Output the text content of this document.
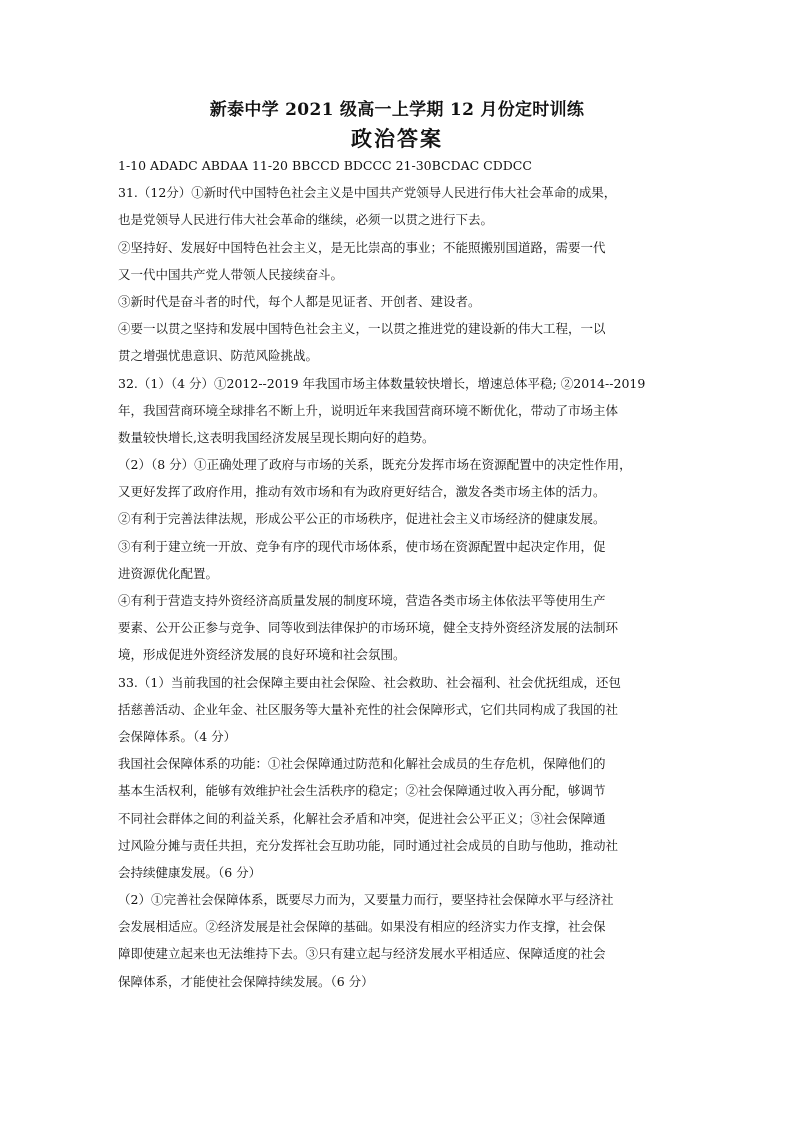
新泰中学 2021 级高一上学期 12 月份定时训练
政治答案
1-10 ADADC ABDAA 11-20 BBCCD BDCCC 21-30BCDAC CDDCC
31.（12分）①新时代中国特色社会主义是中国共产党领导人民进行伟大社会革命的成果，
也是党领导人民进行伟大社会革命的继续，必须一以贯之进行下去。
②坚持好、发展好中国特色社会主义，是无比崇高的事业；不能照搬别国道路，需要一代
又一代中国共产党人带领人民接续奋斗。
③新时代是奋斗者的时代，每个人都是见证者、开创者、建设者。
④要一以贯之坚持和发展中国特色社会主义，一以贯之推进党的建设新的伟大工程，一以
贯之增强忧患意识、防范风险挑战。
32.（1）（4 分）①2012--2019 年我国市场主体数量较快增长，增速总体平稳; ②2014--2019
年，我国营商环境全球排名不断上升，说明近年来我国营商环境不断优化，带动了市场主体
数量较快增长,这表明我国经济发展呈现长期向好的趋势。
（2）（8 分）①正确处理了政府与市场的关系，既充分发挥市场在资源配置中的决定性作用，
又更好发挥了政府作用，推动有效市场和有为政府更好结合，激发各类市场主体的活力。
②有利于完善法律法规，形成公平公正的市场秩序，促进社会主义市场经济的健康发展。
③有利于建立统一开放、竞争有序的现代市场体系，使市场在资源配置中起决定作用，促
进资源优化配置。
④有利于营造支持外资经济高质量发展的制度环境，营造各类市场主体依法平等使用生产
要素、公开公正参与竞争、同等收到法律保护的市场环境，健全支持外资经济发展的法制环
境，形成促进外资经济发展的良好环境和社会氛围。
33.（1）当前我国的社会保障主要由社会保险、社会救助、社会福利、社会优抚组成，还包
括慈善活动、企业年金、社区服务等大量补充性的社会保障形式，它们共同构成了我国的社
会保障体系。（4 分）
我国社会保障体系的功能：①社会保障通过防范和化解社会成员的生存危机，保障他们的
基本生活权利，能够有效维护社会生活秩序的稳定；②社会保障通过收入再分配，够调节
不同社会群体之间的利益关系，化解社会矛盾和冲突，促进社会公平正义；③社会保障通
过风险分摊与责任共担，充分发挥社会互助功能，同时通过社会成员的自助与他助，推动社
会持续健康发展。（6 分）
（2）①完善社会保障体系，既要尽力而为，又要量力而行，要坚持社会保障水平与经济社
会发展相适应。②经济发展是社会保障的基础。如果没有相应的经济实力作支撑，社会保
障即使建立起来也无法维持下去。③只有建立起与经济发展水平相适应、保障适度的社会
保障体系，才能使社会保障持续发展。（6 分）
